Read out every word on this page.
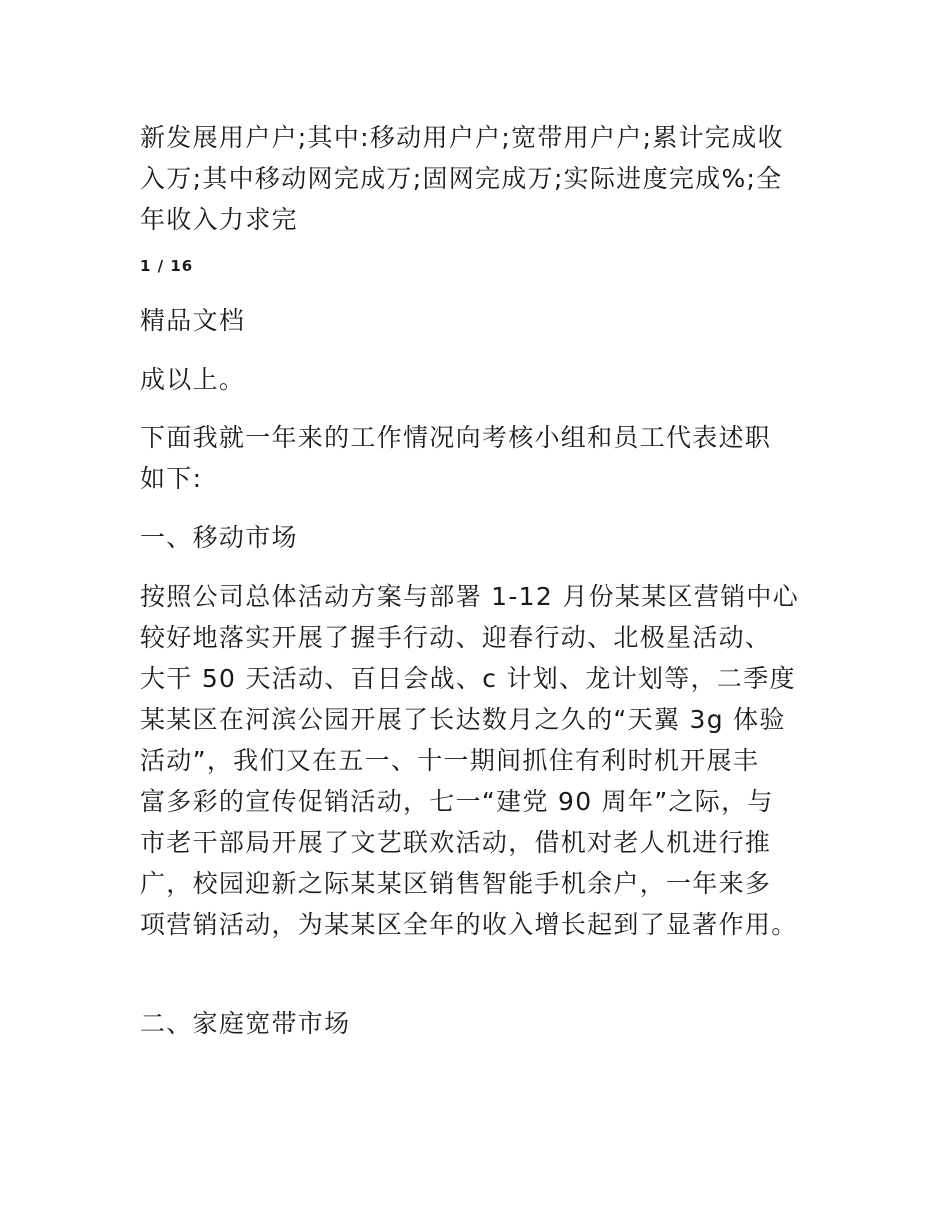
新发展用户户;其中:移动用户户;宽带用户户;累计完成收
入万;其中移动网完成万;固网完成万;实际进度完成%;全
年收入力求完
1 / 16
精品文档
成以上。
下面我就一年来的工作情况向考核小组和员工代表述职
如下:
一、移动市场
按照公司总体活动方案与部署 1-12 月份某某区营销中心
较好地落实开展了握手行动、迎春行动、北极星活动、
大干 50 天活动、百日会战、c 计划、龙计划等，二季度
某某区在河滨公园开展了长达数月之久的“天翼 3g 体验
活动”，我们又在五一、十一期间抓住有利时机开展丰
富多彩的宣传促销活动，七一“建党 90 周年”之际，与
市老干部局开展了文艺联欢活动，借机对老人机进行推
广，校园迎新之际某某区销售智能手机余户，一年来多
项营销活动，为某某区全年的收入增长起到了显著作用。
二、家庭宽带市场
